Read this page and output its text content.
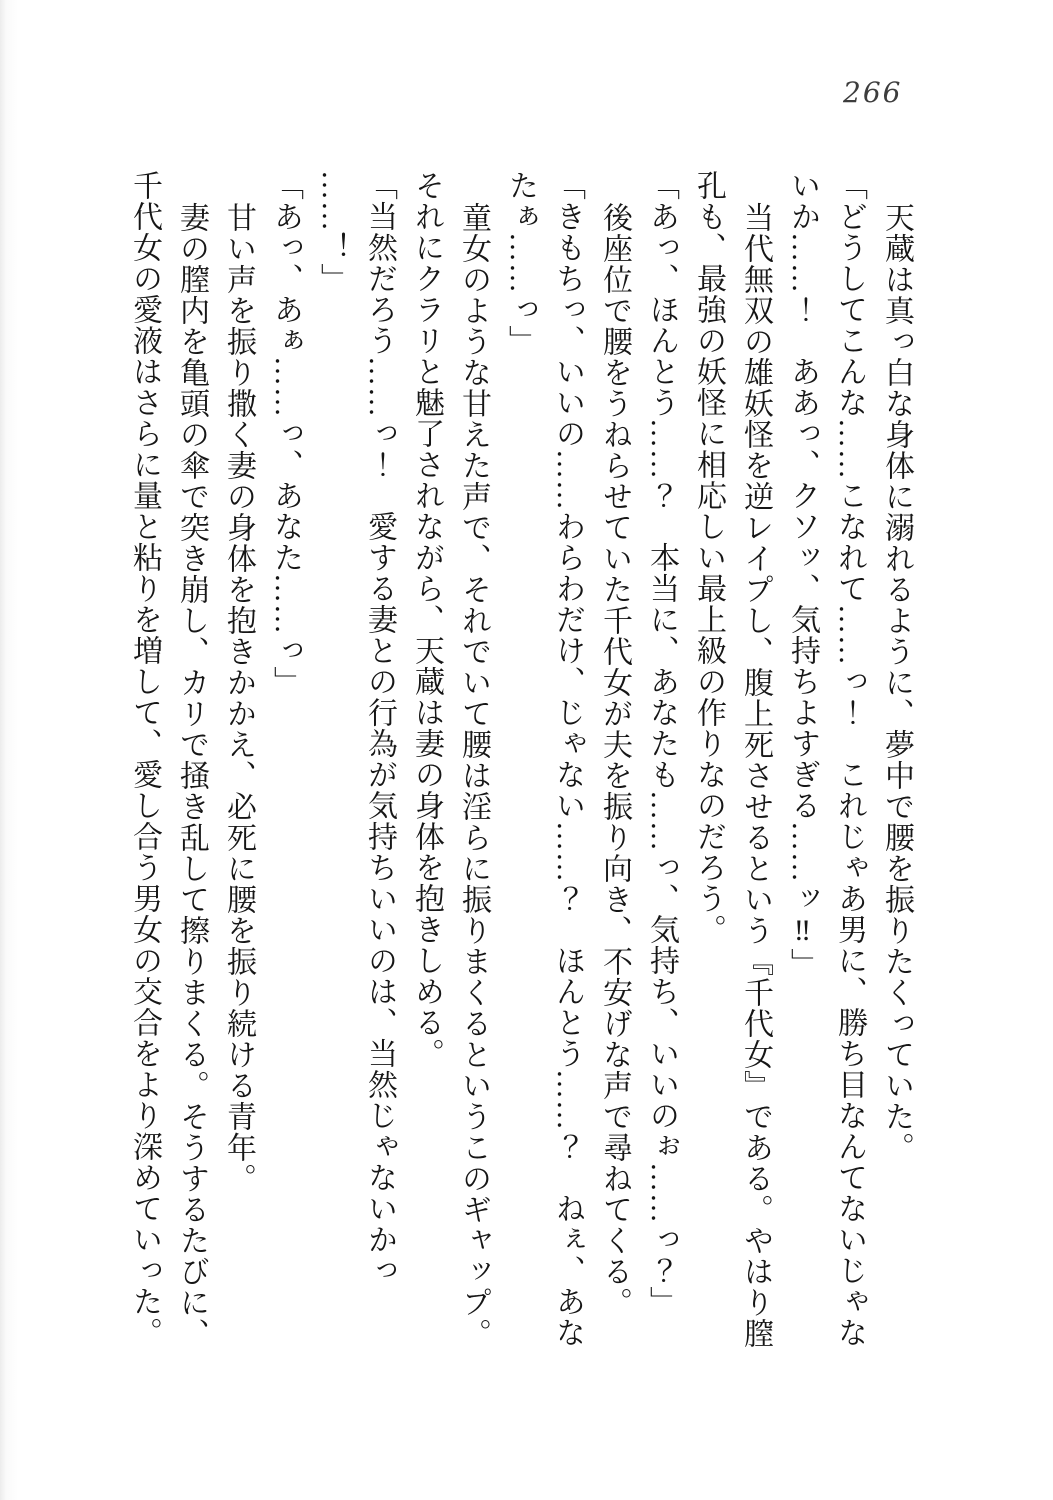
266
天蔵は真っ白な身体に溺れるように、夢中で腰を振りたくっていた。
「どうしてこんな……こなれて……っ！　これじゃあ男に、勝ち目なんてないじゃな
いか……！　ああっ、クソッ、気持ちよすぎる……ッ‼」
当代無双の雄妖怪を逆レイプし、腹上死させるという『千代女』である。やはり膣
孔も、最強の妖怪に相応しい最上級の作りなのだろう。
「あっ、ほんとう……？　本当に、あなたも……っ、気持ち、いいのぉ……っ？」
後座位で腰をうねらせていた千代女が夫を振り向き、不安げな声で尋ねてくる。
「きもちっ、いいの……わらわだけ、じゃない……？　ほんとう……？　ねぇ、あな
たぁ……っ」
童女のような甘えた声で、それでいて腰は淫らに振りまくるというこのギャップ。
それにクラリと魅了されながら、天蔵は妻の身体を抱きしめる。
「当然だろう……っ！　愛する妻との行為が気持ちいいのは、当然じゃないかっ
……！」
「あっ、あぁ……っ、あなた……っ」
甘い声を振り撒く妻の身体を抱きかかえ、必死に腰を振り続ける青年。
妻の膣内を亀頭の傘で突き崩し、カリで掻き乱して擦りまくる。そうするたびに、
千代女の愛液はさらに量と粘りを増して、愛し合う男女の交合をより深めていった。
